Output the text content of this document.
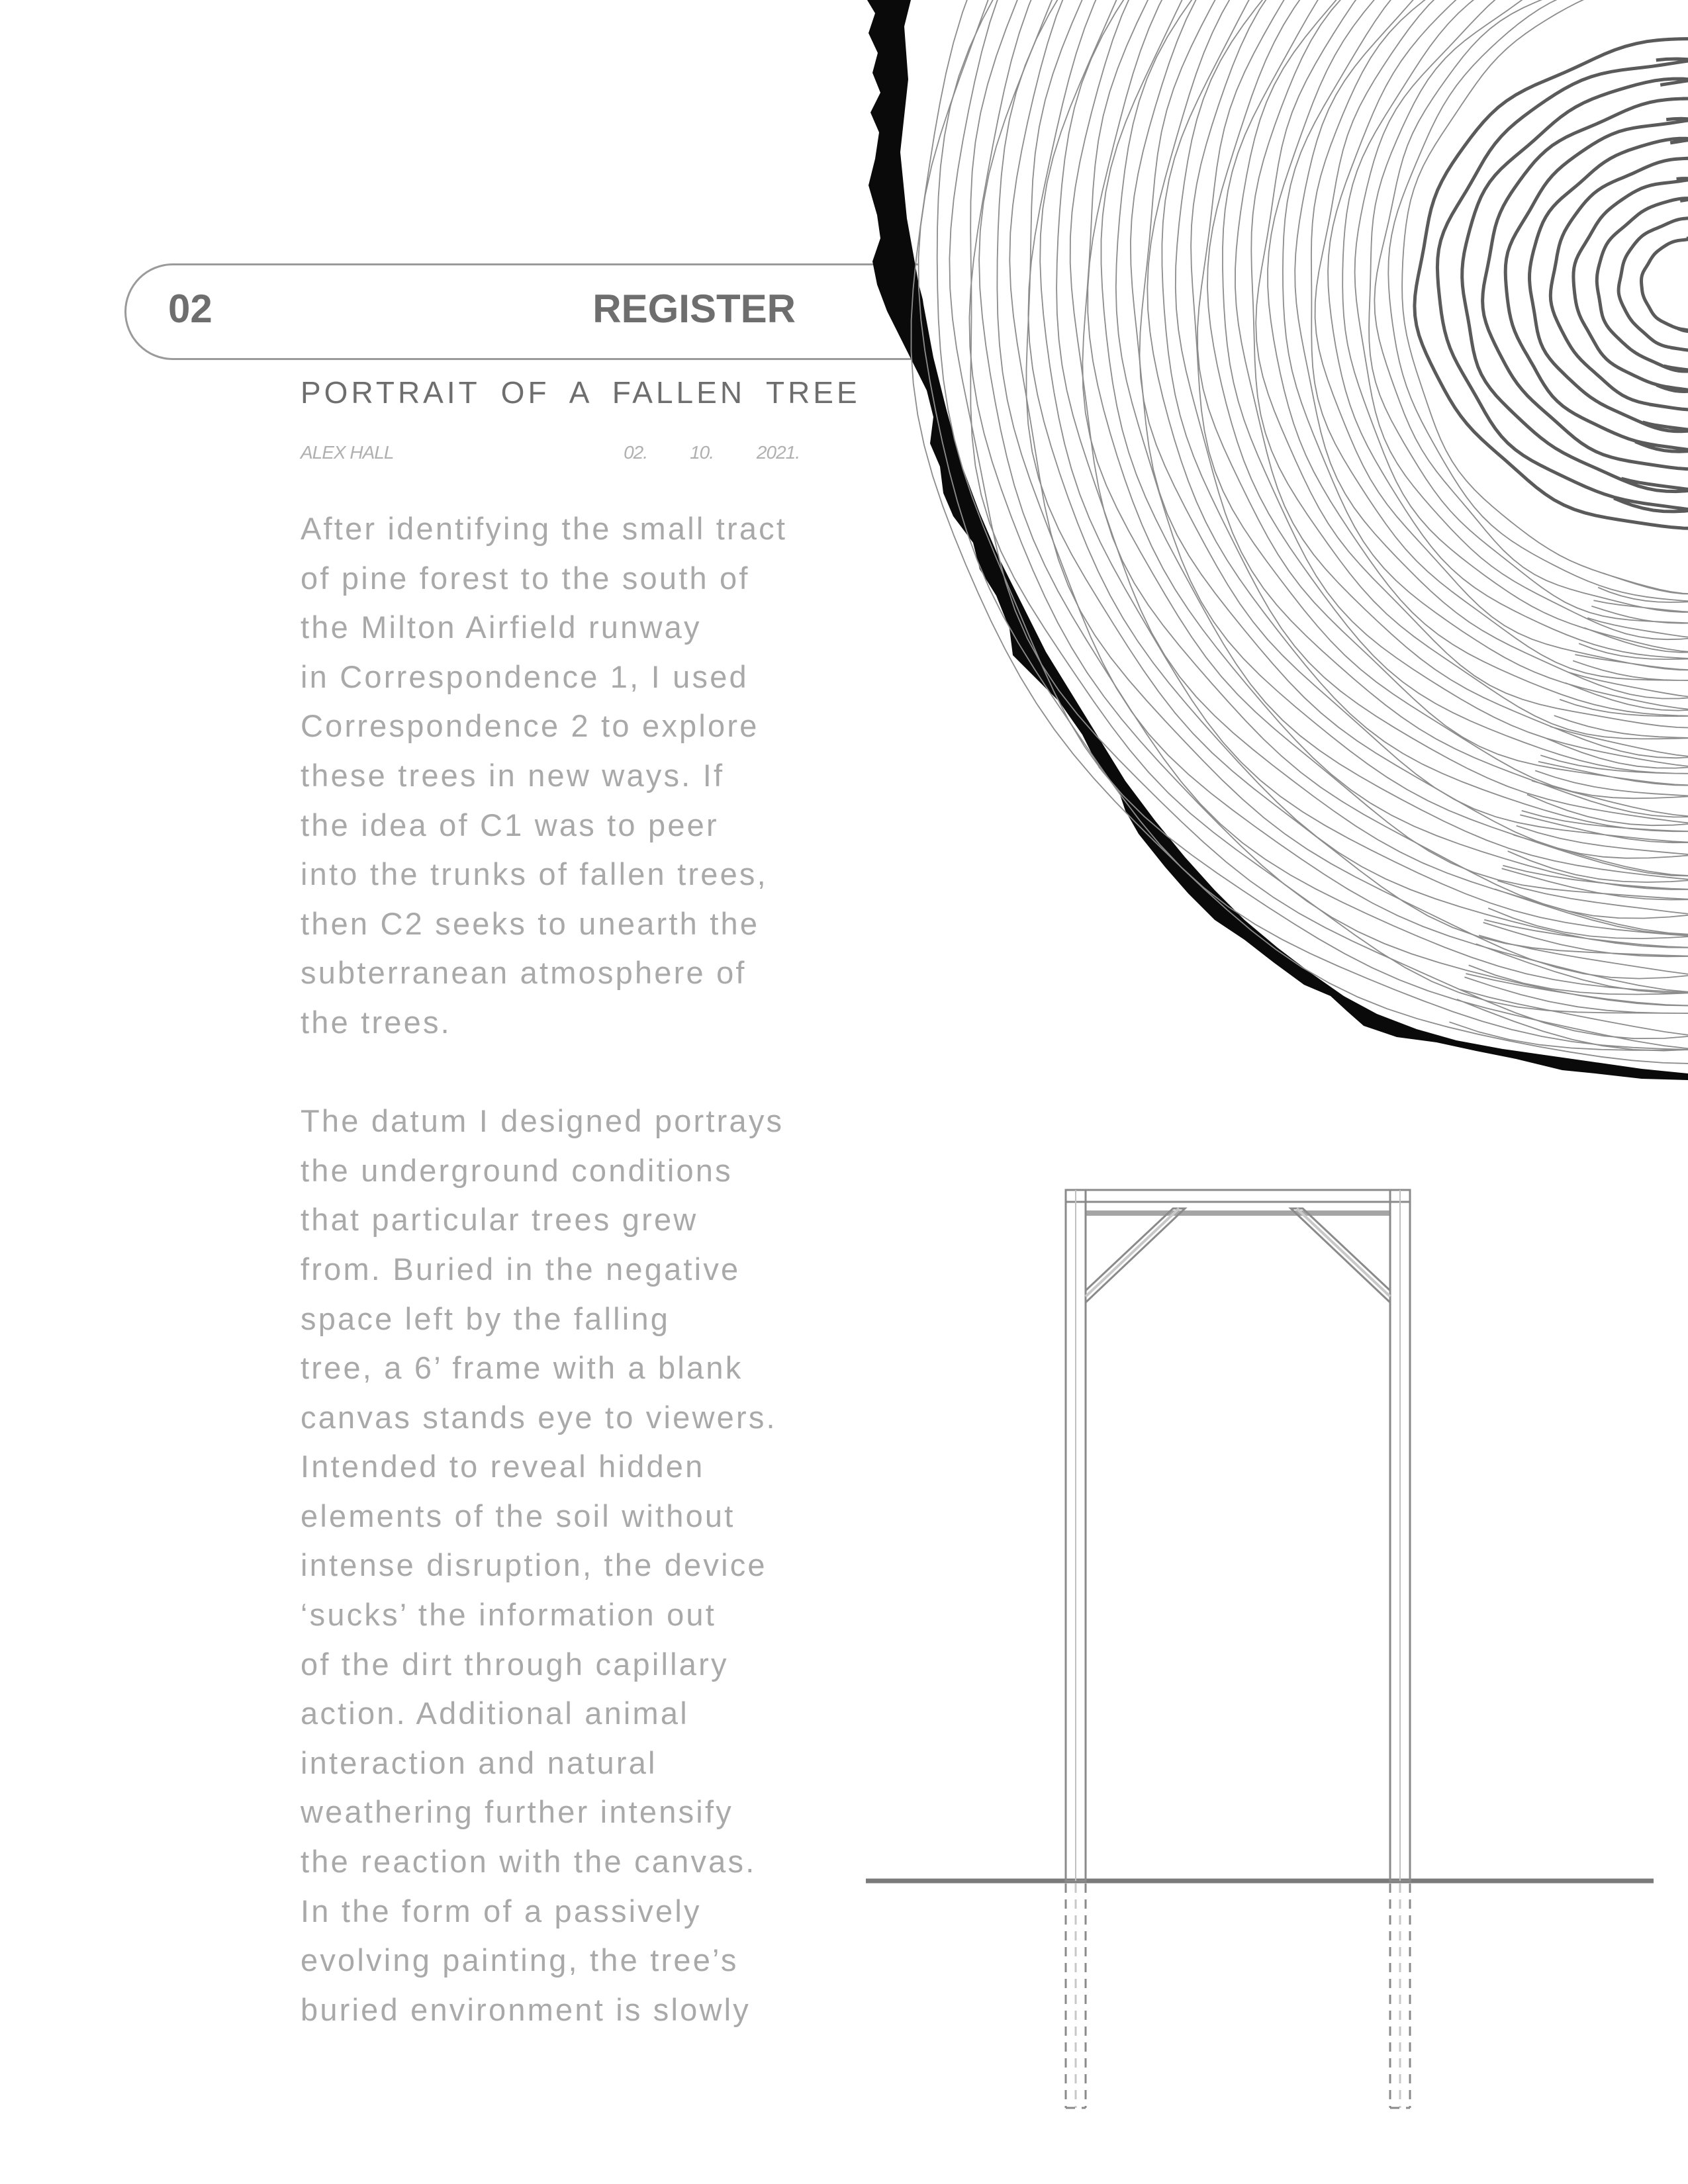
02	REGISTER
PORTRAIT OF A FALLEN TREE
ALEX HALL	02.	10.	2021.
After identifying the small tract
of pine forest to the south of
the Milton Airfield runway
in Correspondence 1, I used
Correspondence 2 to explore
these trees in new ways. If
the idea of C1 was to peer
into the trunks of fallen trees,
then C2 seeks to unearth the
subterranean atmosphere of
the trees.
The datum I designed portrays
the underground conditions
that particular trees grew
from. Buried in the negative
space left by the falling
tree, a 6’ frame with a blank
canvas stands eye to viewers.
Intended to reveal hidden
elements of the soil without
intense disruption, the device
‘sucks’ the information out
of the dirt through capillary
action. Additional animal
interaction and natural
weathering further intensify
the reaction with the canvas.
In the form of a passively
evolving painting, the tree’s
buried environment is slowly
